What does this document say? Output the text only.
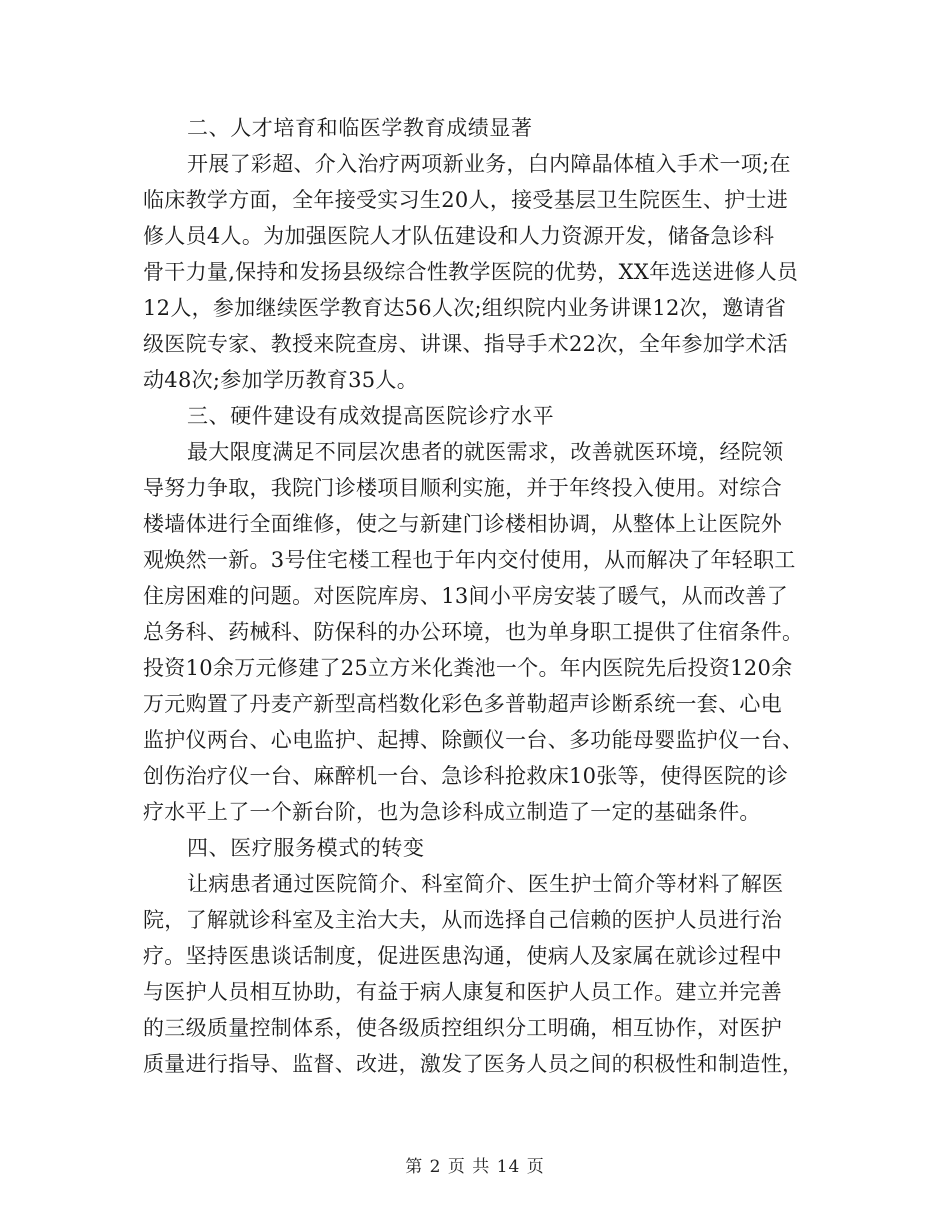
二、人才培育和临医学教育成绩显著
开展了彩超、介入治疗两项新业务，白内障晶体植入手术一项;在
临床教学方面，全年接受实习生20人，接受基层卫生院医生、护士进
修人员4人。为加强医院人才队伍建设和人力资源开发，储备急诊科
骨干力量,保持和发扬县级综合性教学医院的优势，XX年选送进修人员
12人，参加继续医学教育达56人次;组织院内业务讲课12次，邀请省
级医院专家、教授来院查房、讲课、指导手术22次，全年参加学术活
动48次;参加学历教育35人。
三、硬件建设有成效提高医院诊疗水平
最大限度满足不同层次患者的就医需求，改善就医环境，经院领
导努力争取，我院门诊楼项目顺利实施，并于年终投入使用。对综合
楼墙体进行全面维修，使之与新建门诊楼相协调，从整体上让医院外
观焕然一新。3号住宅楼工程也于年内交付使用，从而解决了年轻职工
住房困难的问题。对医院库房、13间小平房安装了暖气，从而改善了
总务科、药械科、防保科的办公环境，也为单身职工提供了住宿条件。
投资10余万元修建了25立方米化粪池一个。年内医院先后投资120余
万元购置了丹麦产新型高档数化彩色多普勒超声诊断系统一套、心电
监护仪两台、心电监护、起搏、除颤仪一台、多功能母婴监护仪一台、
创伤治疗仪一台、麻醉机一台、急诊科抢救床10张等，使得医院的诊
疗水平上了一个新台阶，也为急诊科成立制造了一定的基础条件。
四、医疗服务模式的转变
让病患者通过医院简介、科室简介、医生护士简介等材料了解医
院，了解就诊科室及主治大夫，从而选择自己信赖的医护人员进行治
疗。坚持医患谈话制度，促进医患沟通，使病人及家属在就诊过程中
与医护人员相互协助，有益于病人康复和医护人员工作。建立并完善
的三级质量控制体系，使各级质控组织分工明确，相互协作，对医护
质量进行指导、监督、改进，激发了医务人员之间的积极性和制造性，
第 2 页 共 14 页
